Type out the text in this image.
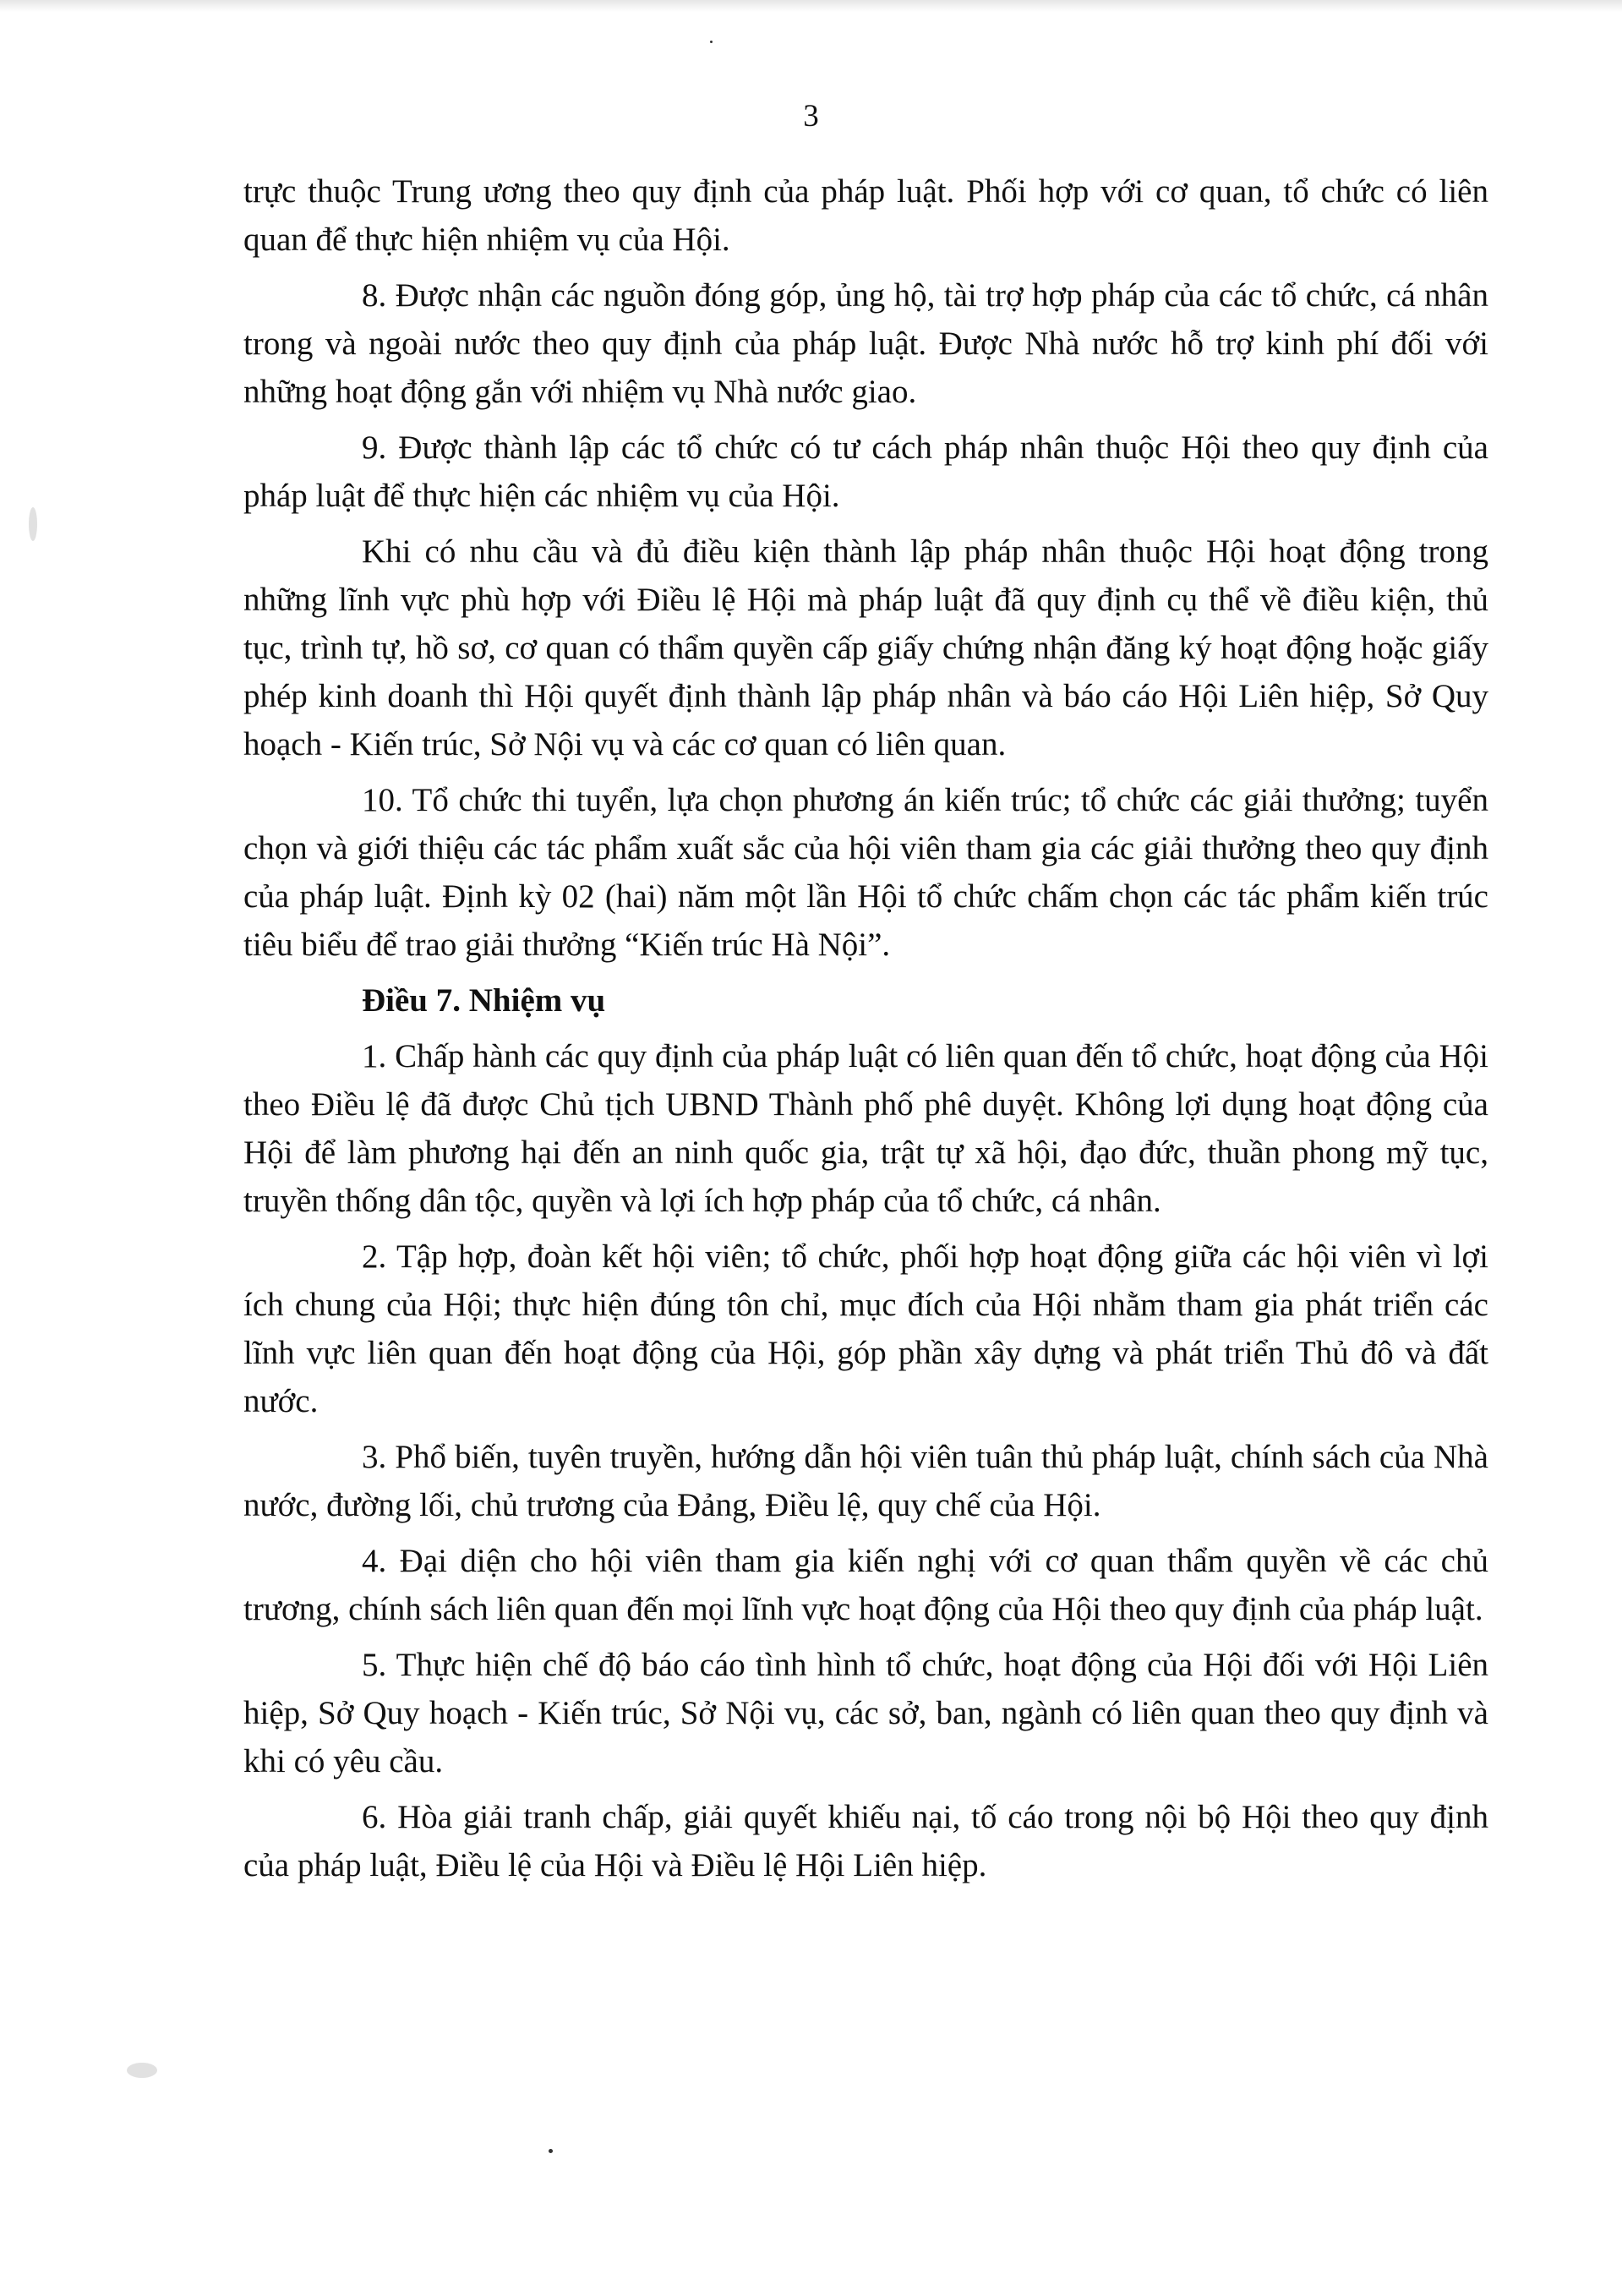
3

trực thuộc Trung ương theo quy định của pháp luật. Phối hợp với cơ quan, tổ chức có liên quan để thực hiện nhiệm vụ của Hội.

8. Được nhận các nguồn đóng góp, ủng hộ, tài trợ hợp pháp của các tổ chức, cá nhân trong và ngoài nước theo quy định của pháp luật. Được Nhà nước hỗ trợ kinh phí đối với những hoạt động gắn với nhiệm vụ Nhà nước giao.

9. Được thành lập các tổ chức có tư cách pháp nhân thuộc Hội theo quy định của pháp luật để thực hiện các nhiệm vụ của Hội.

Khi có nhu cầu và đủ điều kiện thành lập pháp nhân thuộc Hội hoạt động trong những lĩnh vực phù hợp với Điều lệ Hội mà pháp luật đã quy định cụ thể về điều kiện, thủ tục, trình tự, hồ sơ, cơ quan có thẩm quyền cấp giấy chứng nhận đăng ký hoạt động hoặc giấy phép kinh doanh thì Hội quyết định thành lập pháp nhân và báo cáo Hội Liên hiệp, Sở Quy hoạch - Kiến trúc, Sở Nội vụ và các cơ quan có liên quan.

10. Tổ chức thi tuyển, lựa chọn phương án kiến trúc; tổ chức các giải thưởng; tuyển chọn và giới thiệu các tác phẩm xuất sắc của hội viên tham gia các giải thưởng theo quy định của pháp luật. Định kỳ 02 (hai) năm một lần Hội tổ chức chấm chọn các tác phẩm kiến trúc tiêu biểu để trao giải thưởng “Kiến trúc Hà Nội”.

Điều 7. Nhiệm vụ

1. Chấp hành các quy định của pháp luật có liên quan đến tổ chức, hoạt động của Hội theo Điều lệ đã được Chủ tịch UBND Thành phố phê duyệt. Không lợi dụng hoạt động của Hội để làm phương hại đến an ninh quốc gia, trật tự xã hội, đạo đức, thuần phong mỹ tục, truyền thống dân tộc, quyền và lợi ích hợp pháp của tổ chức, cá nhân.

2. Tập hợp, đoàn kết hội viên; tổ chức, phối hợp hoạt động giữa các hội viên vì lợi ích chung của Hội; thực hiện đúng tôn chỉ, mục đích của Hội nhằm tham gia phát triển các lĩnh vực liên quan đến hoạt động của Hội, góp phần xây dựng và phát triển Thủ đô và đất nước.

3. Phổ biến, tuyên truyền, hướng dẫn hội viên tuân thủ pháp luật, chính sách của Nhà nước, đường lối, chủ trương của Đảng, Điều lệ, quy chế của Hội.

4. Đại diện cho hội viên tham gia kiến nghị với cơ quan thẩm quyền về các chủ trương, chính sách liên quan đến mọi lĩnh vực hoạt động của Hội theo quy định của pháp luật.

5. Thực hiện chế độ báo cáo tình hình tổ chức, hoạt động của Hội đối với Hội Liên hiệp, Sở Quy hoạch - Kiến trúc, Sở Nội vụ, các sở, ban, ngành có liên quan theo quy định và khi có yêu cầu.

6. Hòa giải tranh chấp, giải quyết khiếu nại, tố cáo trong nội bộ Hội theo quy định của pháp luật, Điều lệ của Hội và Điều lệ Hội Liên hiệp.
